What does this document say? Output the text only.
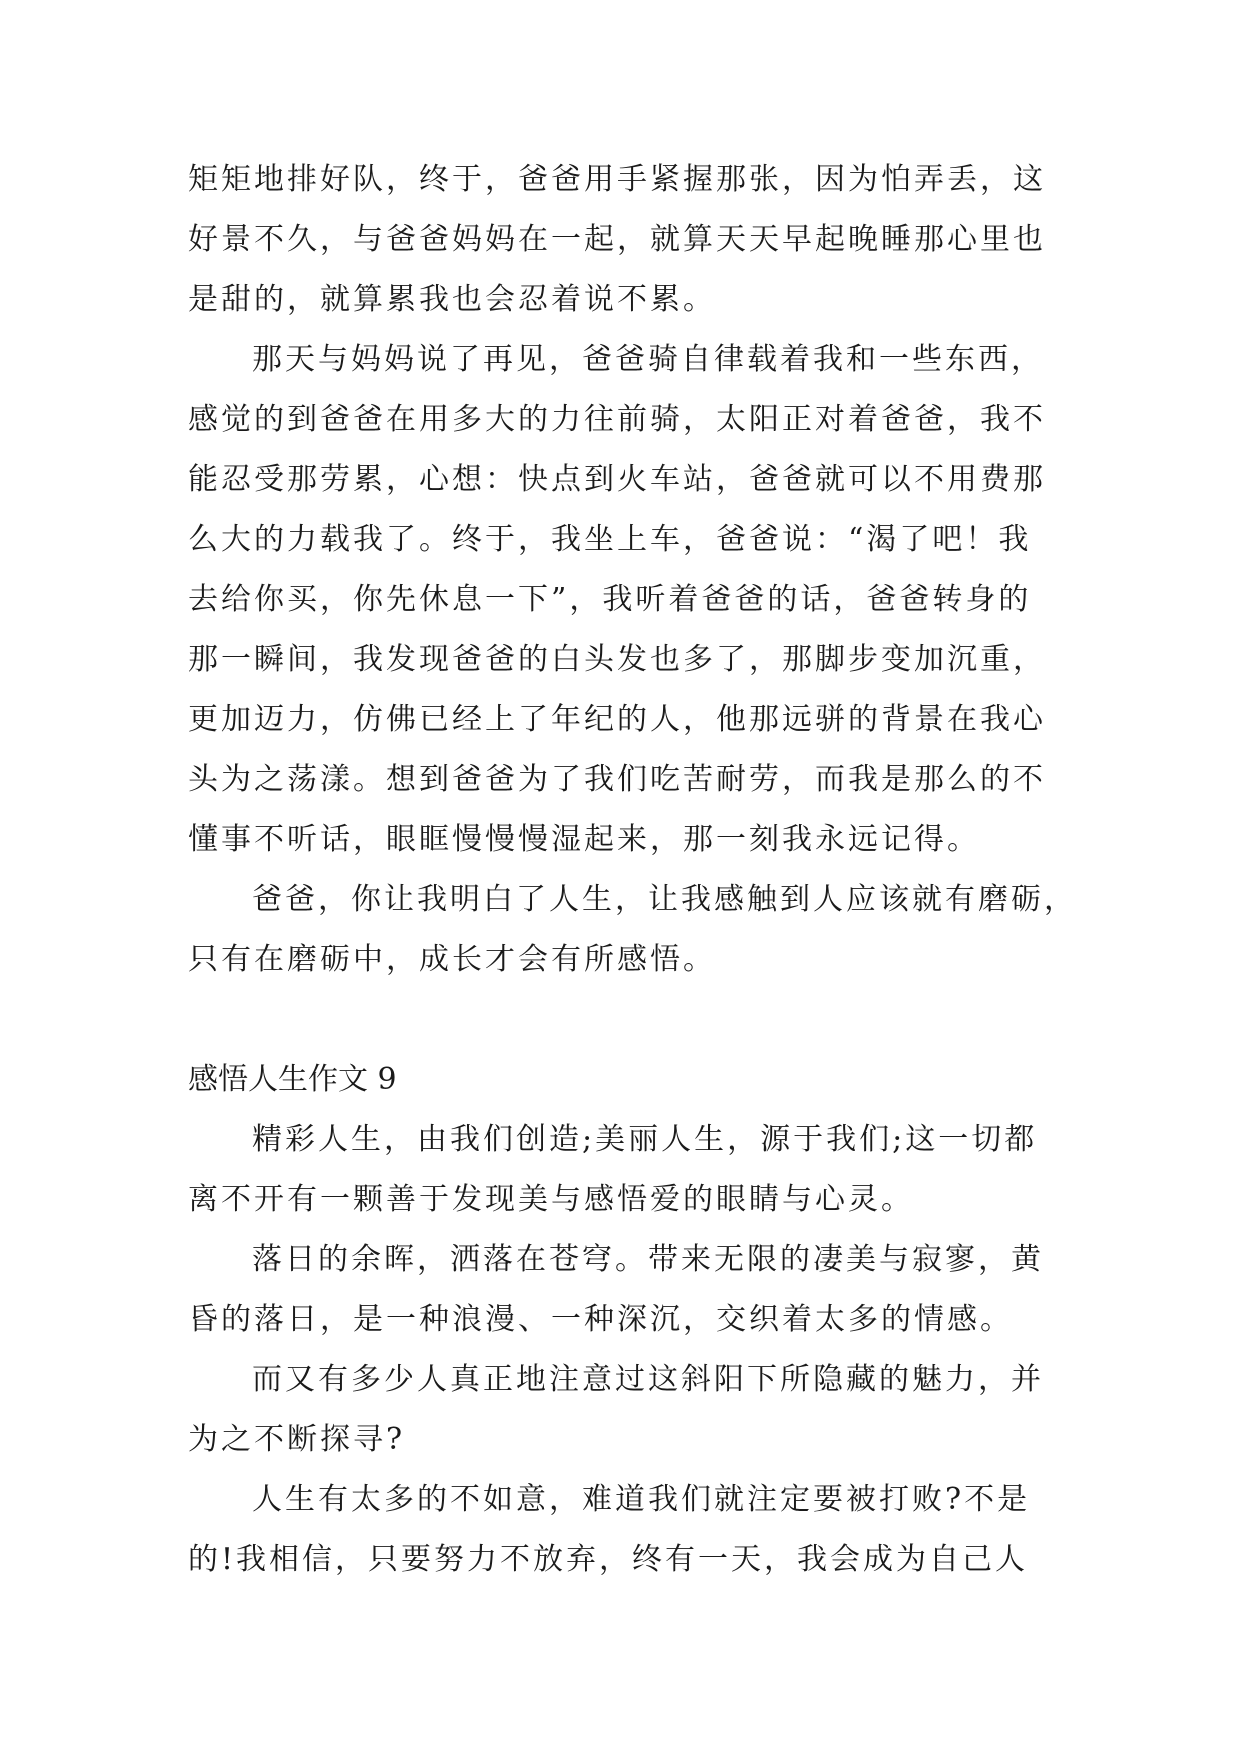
矩矩地排好队，终于，爸爸用手紧握那张，因为怕弄丢，这
好景不久，与爸爸妈妈在一起，就算天天早起晚睡那心里也
是甜的，就算累我也会忍着说不累。
那天与妈妈说了再见，爸爸骑自律载着我和一些东西，
感觉的到爸爸在用多大的力往前骑，太阳正对着爸爸，我不
能忍受那劳累，心想：快点到火车站，爸爸就可以不用费那
么大的力载我了。终于，我坐上车，爸爸说：“渴了吧！我
去给你买，你先休息一下”，我听着爸爸的话，爸爸转身的
那一瞬间，我发现爸爸的白头发也多了，那脚步变加沉重，
更加迈力，仿佛已经上了年纪的人，他那远骈的背景在我心
头为之荡漾。想到爸爸为了我们吃苦耐劳，而我是那么的不
懂事不听话，眼眶慢慢慢湿起来，那一刻我永远记得。
爸爸，你让我明白了人生，让我感触到人应该就有磨砺，
只有在磨砺中，成长才会有所感悟。
感悟人生作文 9
精彩人生，由我们创造;美丽人生，源于我们;这一切都
离不开有一颗善于发现美与感悟爱的眼睛与心灵。
落日的余晖，洒落在苍穹。带来无限的凄美与寂寥，黄
昏的落日，是一种浪漫、一种深沉，交织着太多的情感。
而又有多少人真正地注意过这斜阳下所隐藏的魅力，并
为之不断探寻?
人生有太多的不如意，难道我们就注定要被打败?不是
的!我相信，只要努力不放弃，终有一天，我会成为自己人
